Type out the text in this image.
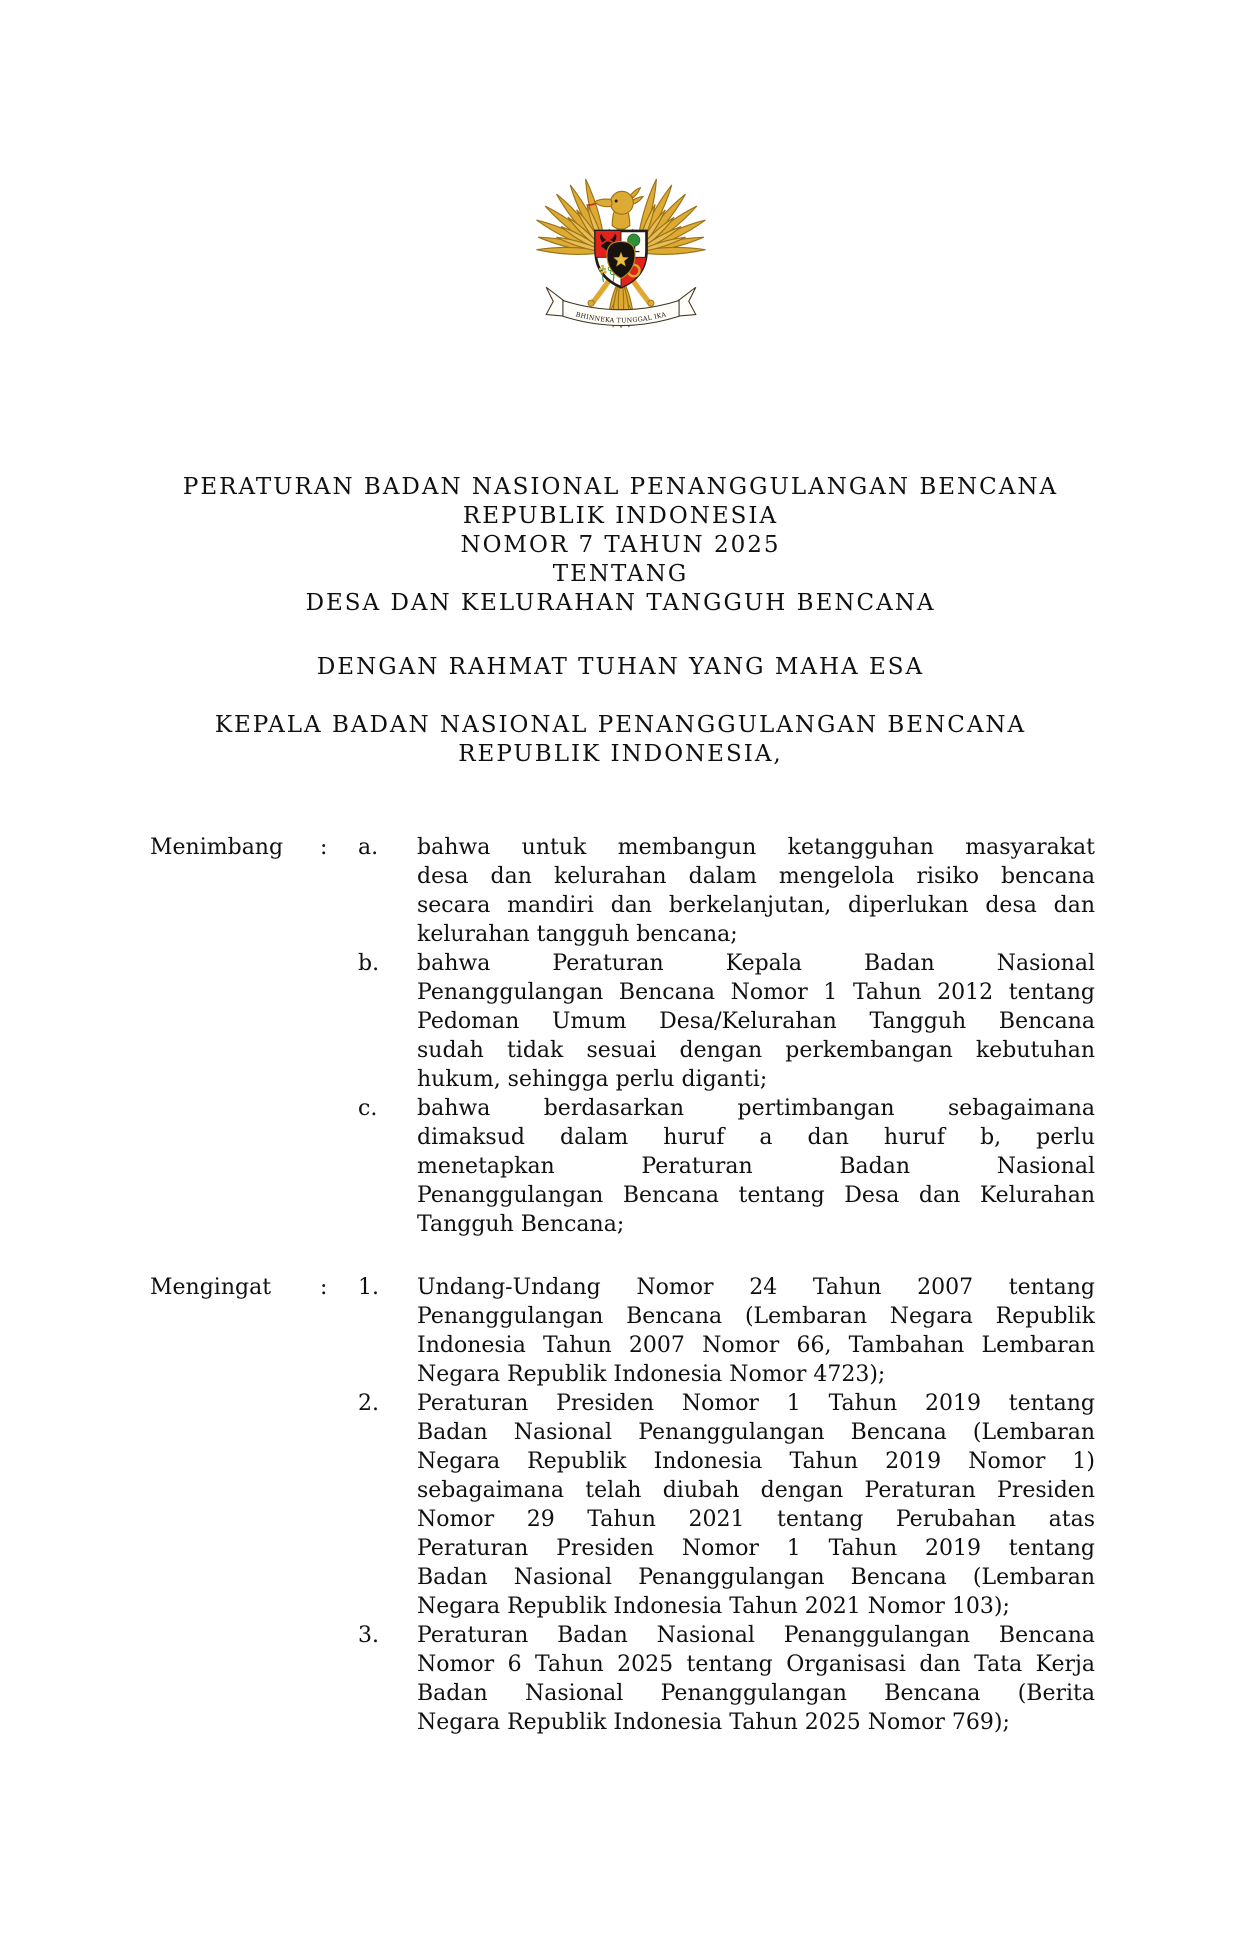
BHINNEKA TUNGGAL IKA
PERATURAN BADAN NASIONAL PENANGGULANGAN BENCANA
REPUBLIK INDONESIA
NOMOR 7 TAHUN 2025
TENTANG
DESA DAN KELURAHAN TANGGUH BENCANA
DENGAN RAHMAT TUHAN YANG MAHA ESA
KEPALA BADAN NASIONAL PENANGGULANGAN BENCANA
REPUBLIK INDONESIA,
Menimbang	:	a.	bahwa untuk membangun ketangguhan masyarakat
desa dan kelurahan dalam mengelola risiko bencana
secara mandiri dan berkelanjutan, diperlukan desa dan
kelurahan tangguh bencana;
b.	bahwa Peraturan Kepala Badan Nasional
Penanggulangan Bencana Nomor 1 Tahun 2012 tentang
Pedoman Umum Desa/Kelurahan Tangguh Bencana
sudah tidak sesuai dengan perkembangan kebutuhan
hukum, sehingga perlu diganti;
c.	bahwa berdasarkan pertimbangan sebagaimana
dimaksud dalam huruf a dan huruf b, perlu
menetapkan Peraturan Badan Nasional
Penanggulangan Bencana tentang Desa dan Kelurahan
Tangguh Bencana;
Mengingat	:	1.	Undang-Undang Nomor 24 Tahun 2007 tentang
Penanggulangan Bencana (Lembaran Negara Republik
Indonesia Tahun 2007 Nomor 66, Tambahan Lembaran
Negara Republik Indonesia Nomor 4723);
2.	Peraturan Presiden Nomor 1 Tahun 2019 tentang
Badan Nasional Penanggulangan Bencana (Lembaran
Negara Republik Indonesia Tahun 2019 Nomor 1)
sebagaimana telah diubah dengan Peraturan Presiden
Nomor 29 Tahun 2021 tentang Perubahan atas
Peraturan Presiden Nomor 1 Tahun 2019 tentang
Badan Nasional Penanggulangan Bencana (Lembaran
Negara Republik Indonesia Tahun 2021 Nomor 103);
3.	Peraturan Badan Nasional Penanggulangan Bencana
Nomor 6 Tahun 2025 tentang Organisasi dan Tata Kerja
Badan Nasional Penanggulangan Bencana (Berita
Negara Republik Indonesia Tahun 2025 Nomor 769);
